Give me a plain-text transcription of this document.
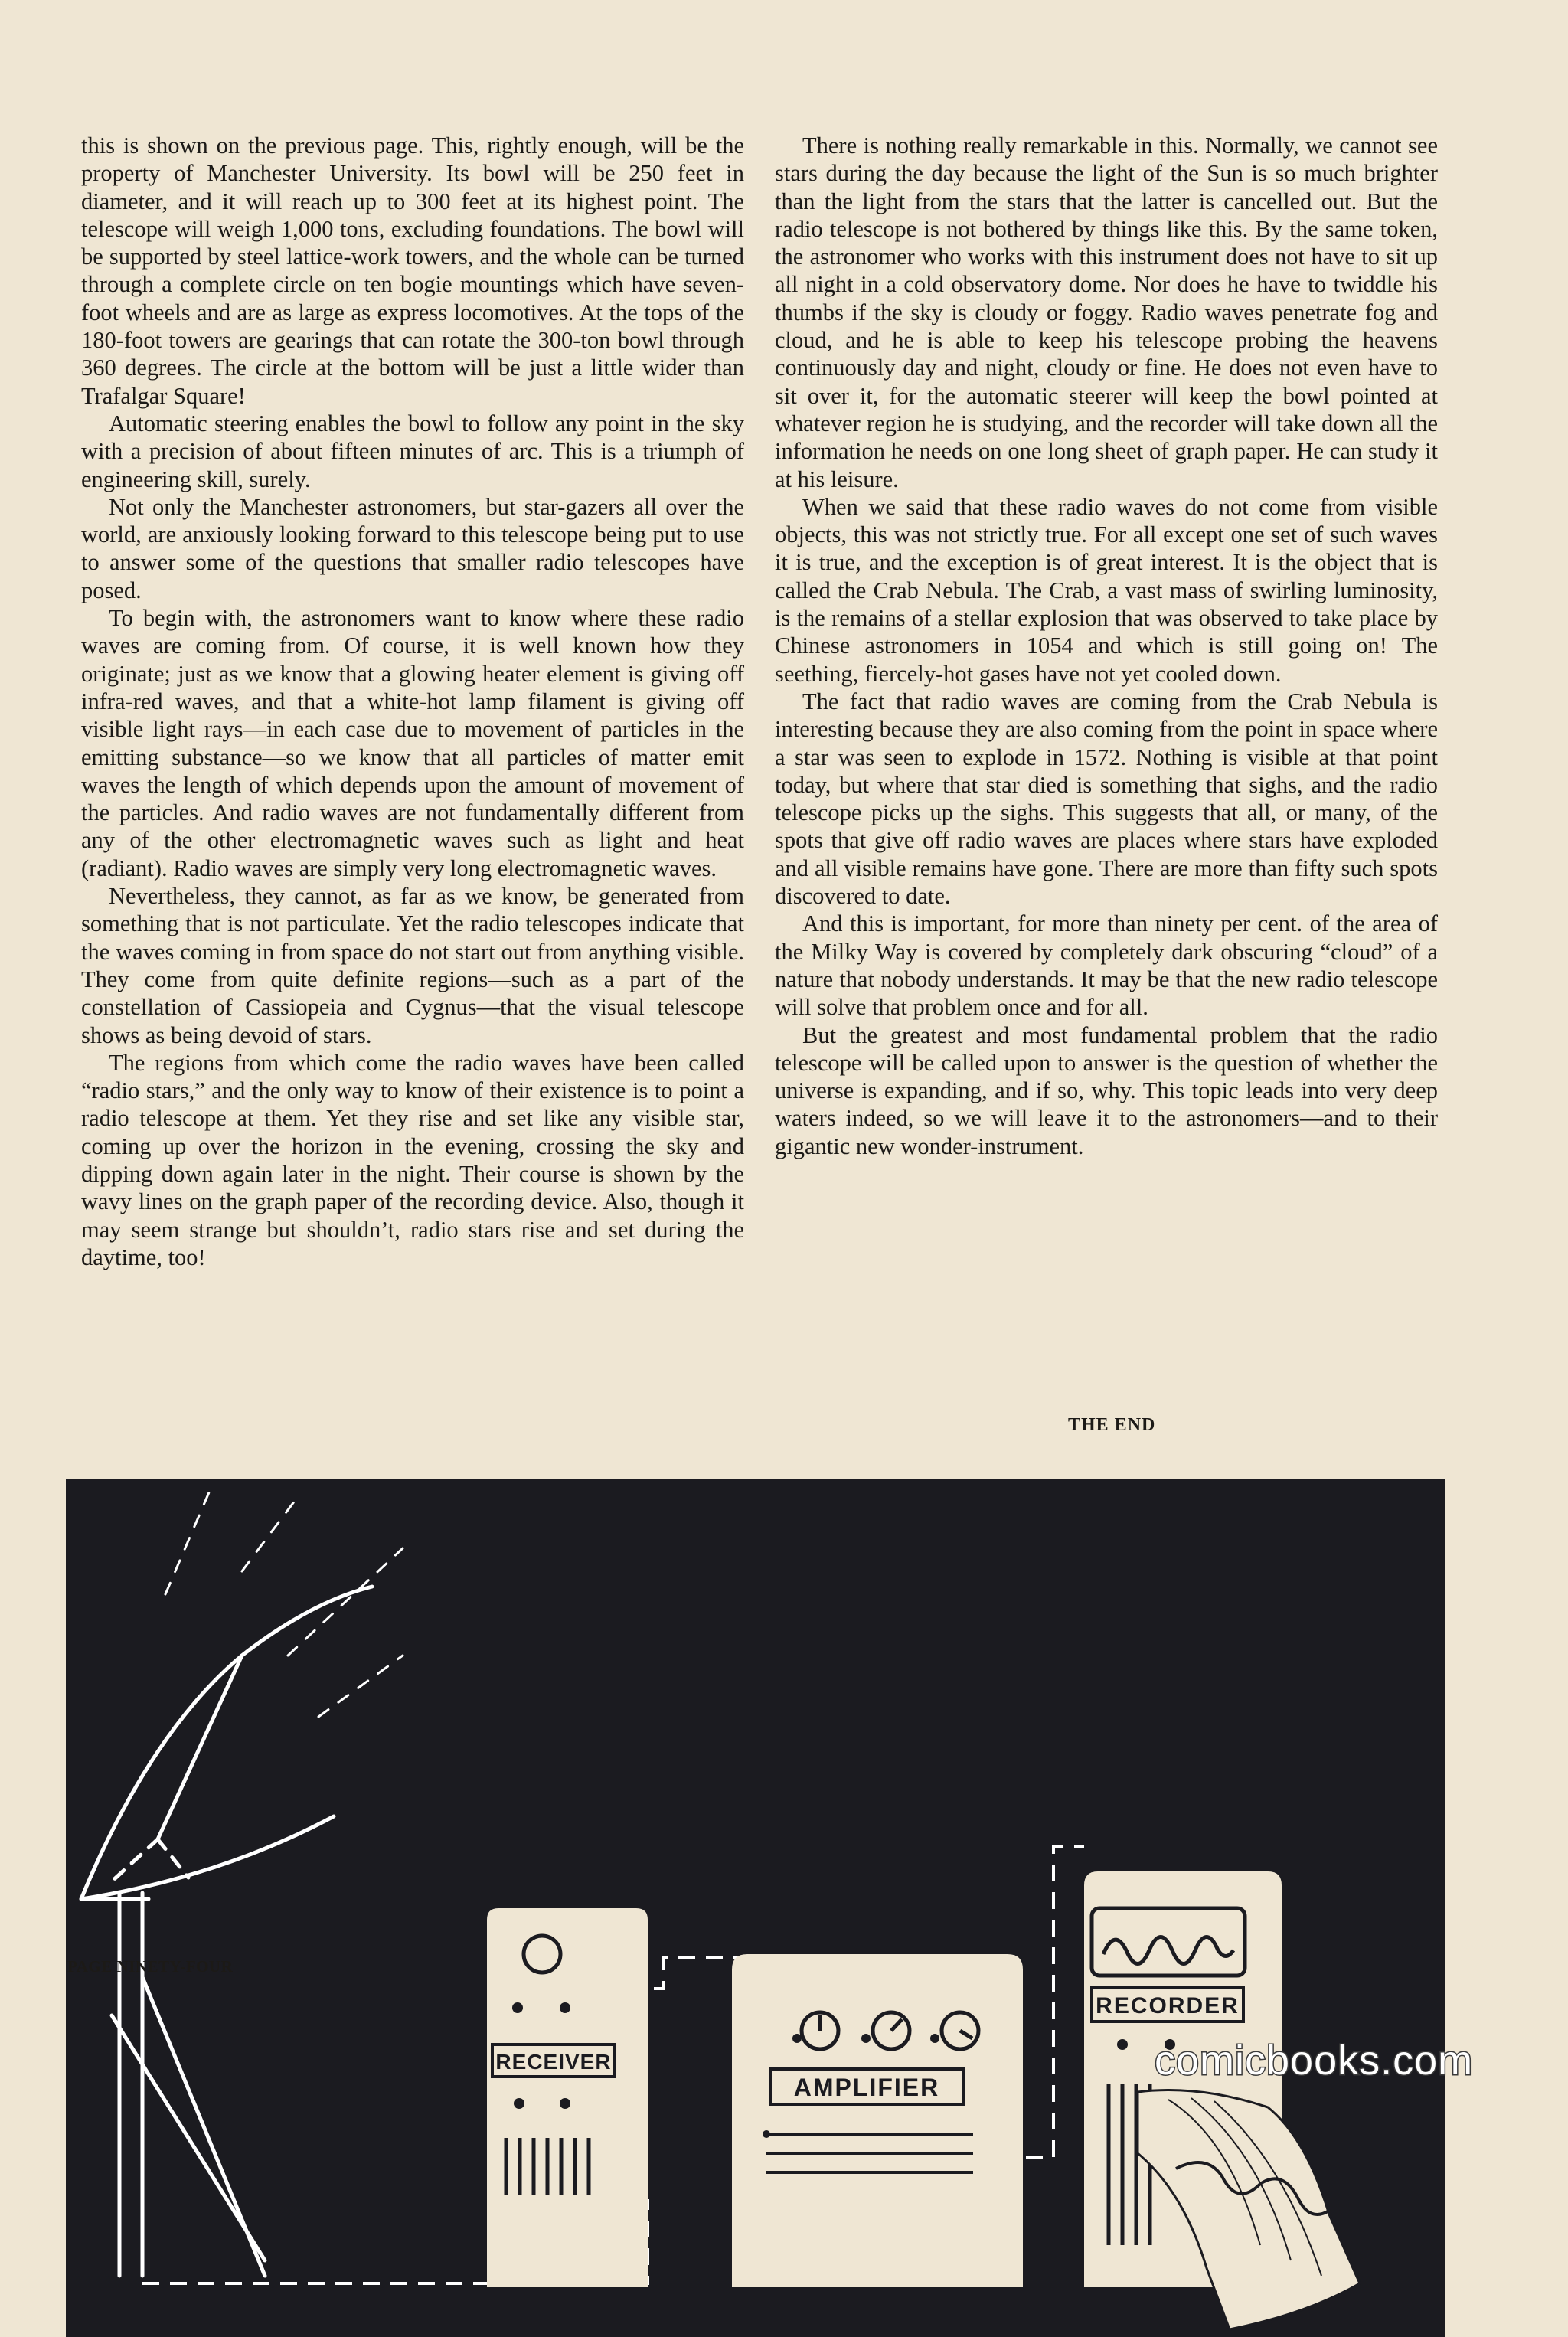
this is shown on the previous page. This, rightly enough, will be the property of Manchester University. Its bowl will be 250 feet in diameter, and it will reach up to 300 feet at its highest point. The telescope will weigh 1,000 tons, excluding foundations. The bowl will be supported by steel lattice-work towers, and the whole can be turned through a complete circle on ten bogie mountings which have seven-foot wheels and are as large as express locomotives. At the tops of the 180-foot towers are gearings that can rotate the 300-ton bowl through 360 degrees. The circle at the bottom will be just a little wider than Trafalgar Square!

Automatic steering enables the bowl to follow any point in the sky with a precision of about fifteen minutes of arc. This is a triumph of engineering skill, surely.

Not only the Manchester astronomers, but star-gazers all over the world, are anxiously looking forward to this telescope being put to use to answer some of the questions that smaller radio telescopes have posed.

To begin with, the astronomers want to know where these radio waves are coming from. Of course, it is well known how they originate; just as we know that a glowing heater element is giving off infra-red waves, and that a white-hot lamp filament is giving off visible light rays—in each case due to movement of particles in the emitting substance—so we know that all particles of matter emit waves the length of which depends upon the amount of movement of the particles. And radio waves are not fundamentally different from any of the other electromagnetic waves such as light and heat (radiant). Radio waves are simply very long electromagnetic waves.

Nevertheless, they cannot, as far as we know, be generated from something that is not particulate. Yet the radio telescopes indicate that the waves coming in from space do not start out from anything visible. They come from quite definite regions—such as a part of the constellation of Cassiopeia and Cygnus—that the visual telescope shows as being devoid of stars.

The regions from which come the radio waves have been called “radio stars,” and the only way to know of their existence is to point a radio telescope at them. Yet they rise and set like any visible star, coming up over the horizon in the evening, crossing the sky and dipping down again later in the night. Their course is shown by the wavy lines on the graph paper of the recording device. Also, though it may seem strange but shouldn’t, radio stars rise and set during the daytime, too!

There is nothing really remarkable in this. Normally, we cannot see stars during the day because the light of the Sun is so much brighter than the light from the stars that the latter is cancelled out. But the radio telescope is not bothered by things like this. By the same token, the astronomer who works with this instrument does not have to sit up all night in a cold observatory dome. Nor does he have to twiddle his thumbs if the sky is cloudy or foggy. Radio waves penetrate fog and cloud, and he is able to keep his telescope probing the heavens continuously day and night, cloudy or fine. He does not even have to sit over it, for the automatic steerer will keep the bowl pointed at whatever region he is studying, and the recorder will take down all the information he needs on one long sheet of graph paper. He can study it at his leisure.

When we said that these radio waves do not come from visible objects, this was not strictly true. For all except one set of such waves it is true, and the exception is of great interest. It is the object that is called the Crab Nebula. The Crab, a vast mass of swirling luminosity, is the remains of a stellar explosion that was observed to take place by Chinese astronomers in 1054 and which is still going on! The seething, fiercely-hot gases have not yet cooled down.

The fact that radio waves are coming from the Crab Nebula is interesting because they are also coming from the point in space where a star was seen to explode in 1572. Nothing is visible at that point today, but where that star died is something that sighs, and the radio telescope picks up the sighs. This suggests that all, or many, of the spots that give off radio waves are places where stars have exploded and all visible remains have gone. There are more than fifty such spots discovered to date.

And this is important, for more than ninety per cent. of the area of the Milky Way is covered by completely dark obscuring “cloud” of a nature that nobody understands. It may be that the new radio telescope will solve that problem once and for all.

But the greatest and most fundamental problem that the radio telescope will be called upon to answer is the question of whether the universe is expanding, and if so, why. This topic leads into very deep waters indeed, so we will leave it to the astronomers—and to their gigantic new wonder-instrument.

THE END
RECEIVER
AMPLIFIER
RECORDER
PAGE NINETY-FOUR
comicbooks.com
